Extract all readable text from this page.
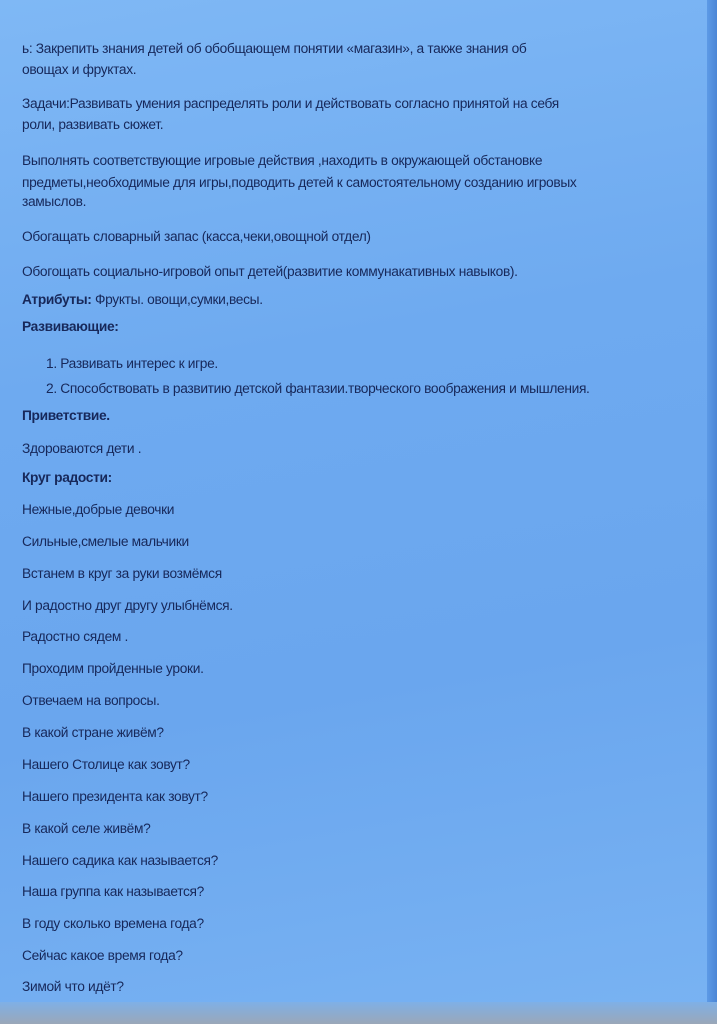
ь: Закрепить знания детей об обобщающем понятии «магазин», а также знания об

овощах и фруктах.

Задачи:Развивать умения распределять роли и действовать согласно принятой на себя

роли, развивать сюжет.

Выполнять соответствующие игровые действия ,находить в окружающей обстановке

предметы,необходимые для игры,подводить детей к самостоятельному созданию игровых

замыслов.

Обогащать словарный запас (касса,чеки,овощной отдел)

Обогощать социально-игровой опыт детей(развитие коммунакативных навыков).

Атрибуты: Фрукты. овощи,сумки,весы.

Развивающие:

1. Развивать интерес к игре.

2. Способствовать в развитию детской фантазии.творческого воображения и мышления.

Приветствие.

Здороваются дети .

Круг радости:

Нежные,добрые девочки

Сильные,смелые мальчики

Встанем в круг за руки возмёмся

И радостно друг другу улыбнёмся.

Радостно сядем .

Проходим пройденные уроки.

Отвечаем на вопросы.

В какой стране живём?

Нашего Столице как зовут?

Нашего президента как зовут?

В какой селе живём?

Нашего садика как называется?

Наша группа как называется?

В году сколько времена года?

Сейчас какое время года?

Зимой что идёт?
